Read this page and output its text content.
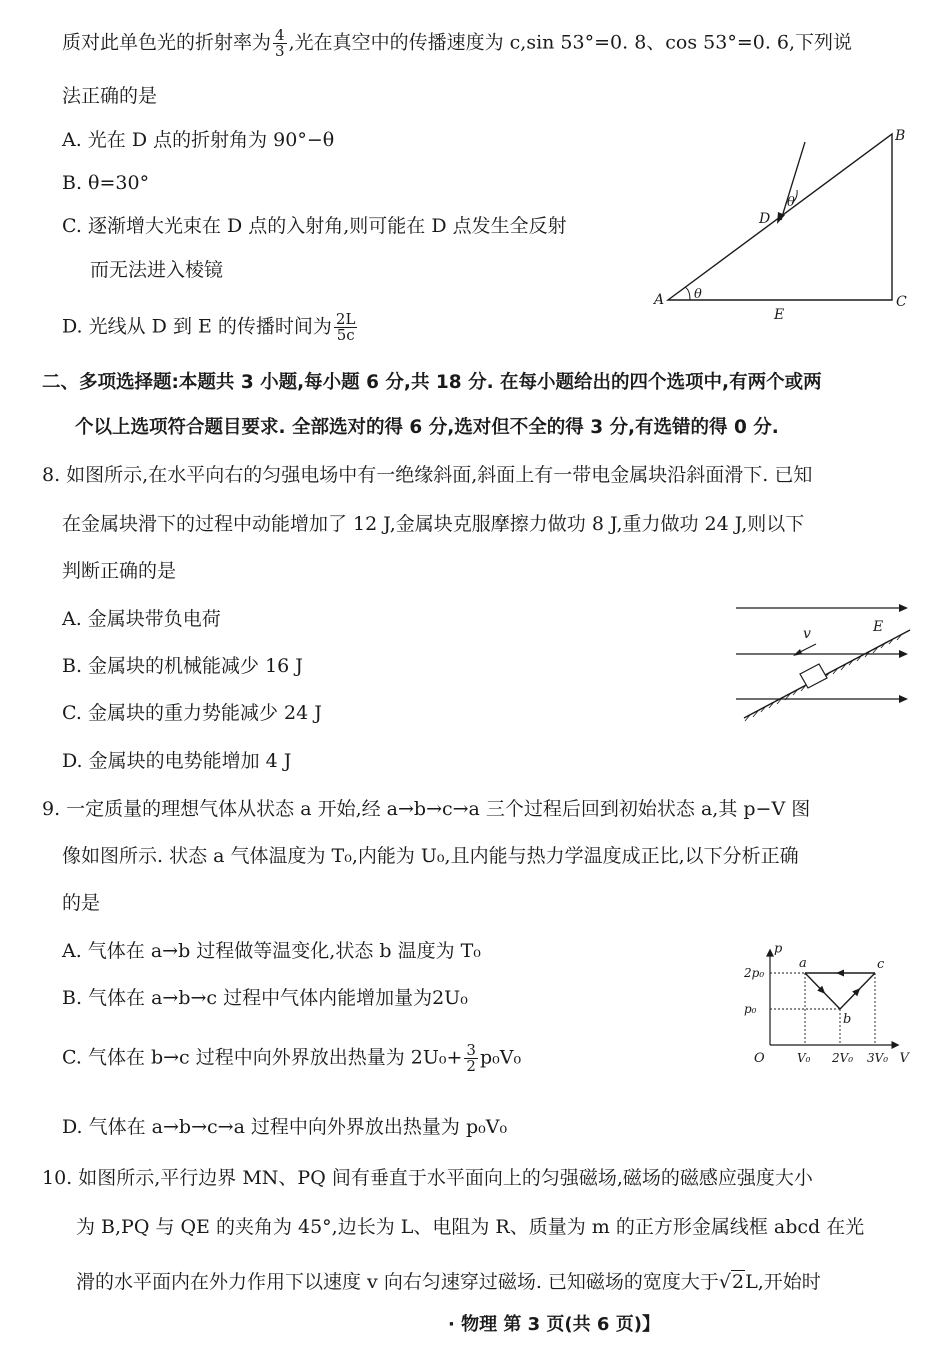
质对此单色光的折射率为 $\frac{4}{3}$ ,光在真空中的传播速度为 c,sin 53°=0. 8、cos 53°=0. 6,下列说
法正确的是
A. 光在 D 点的折射角为 90°−θ
B. θ=30°
C. 逐渐增大光束在 D 点的入射角,则可能在 D 点发生全反射
而无法进入棱镜
D. 光线从 D 到 E 的传播时间为 $\frac{2L}{5c}$
A
B
C
D
E
θ
θ
二、多项选择题:本题共 3 小题,每小题 6 分,共 18 分. 在每小题给出的四个选项中,有两个或两
个以上选项符合题目要求. 全部选对的得 6 分,选对但不全的得 3 分,有选错的得 0 分.
8. 如图所示,在水平向右的匀强电场中有一绝缘斜面,斜面上有一带电金属块沿斜面滑下. 已知
在金属块滑下的过程中动能增加了 12 J,金属块克服摩擦力做功 8 J,重力做功 24 J,则以下
判断正确的是
A. 金属块带负电荷
B. 金属块的机械能减少 16 J
C. 金属块的重力势能减少 24 J
D. 金属块的电势能增加 4 J
v	E
9. 一定质量的理想气体从状态 a 开始,经 a→b→c→a 三个过程后回到初始状态 a,其 p−V 图
像如图所示. 状态 a 气体温度为 T₀,内能为 U₀,且内能与热力学温度成正比,以下分析正确
的是
A. 气体在 a→b 过程做等温变化,状态 b 温度为 T₀
B. 气体在 a→b→c 过程中气体内能增加量为2U₀
C. 气体在 b→c 过程中向外界放出热量为 $2U_0+ \frac{3}{2} p_0V_0$
D. 气体在 a→b→c→a 过程中向外界放出热量为 p₀V₀
V
p
O
a
b
c
V₀ 2V₀ 3V₀
p₀
2p₀
10. 如图所示,平行边界 MN、PQ 间有垂直于水平面向上的匀强磁场,磁场的磁感应强度大小
为 B,PQ 与 QE 的夹角为 45°,边长为 L、电阻为 R、质量为 m 的正方形金属线框 abcd 在光
滑的水平面内在外力作用下以速度 v 向右匀速穿过磁场. 已知磁场的宽度大于√2L,开始时
· 物理 第 3 页(共 6 页)】
